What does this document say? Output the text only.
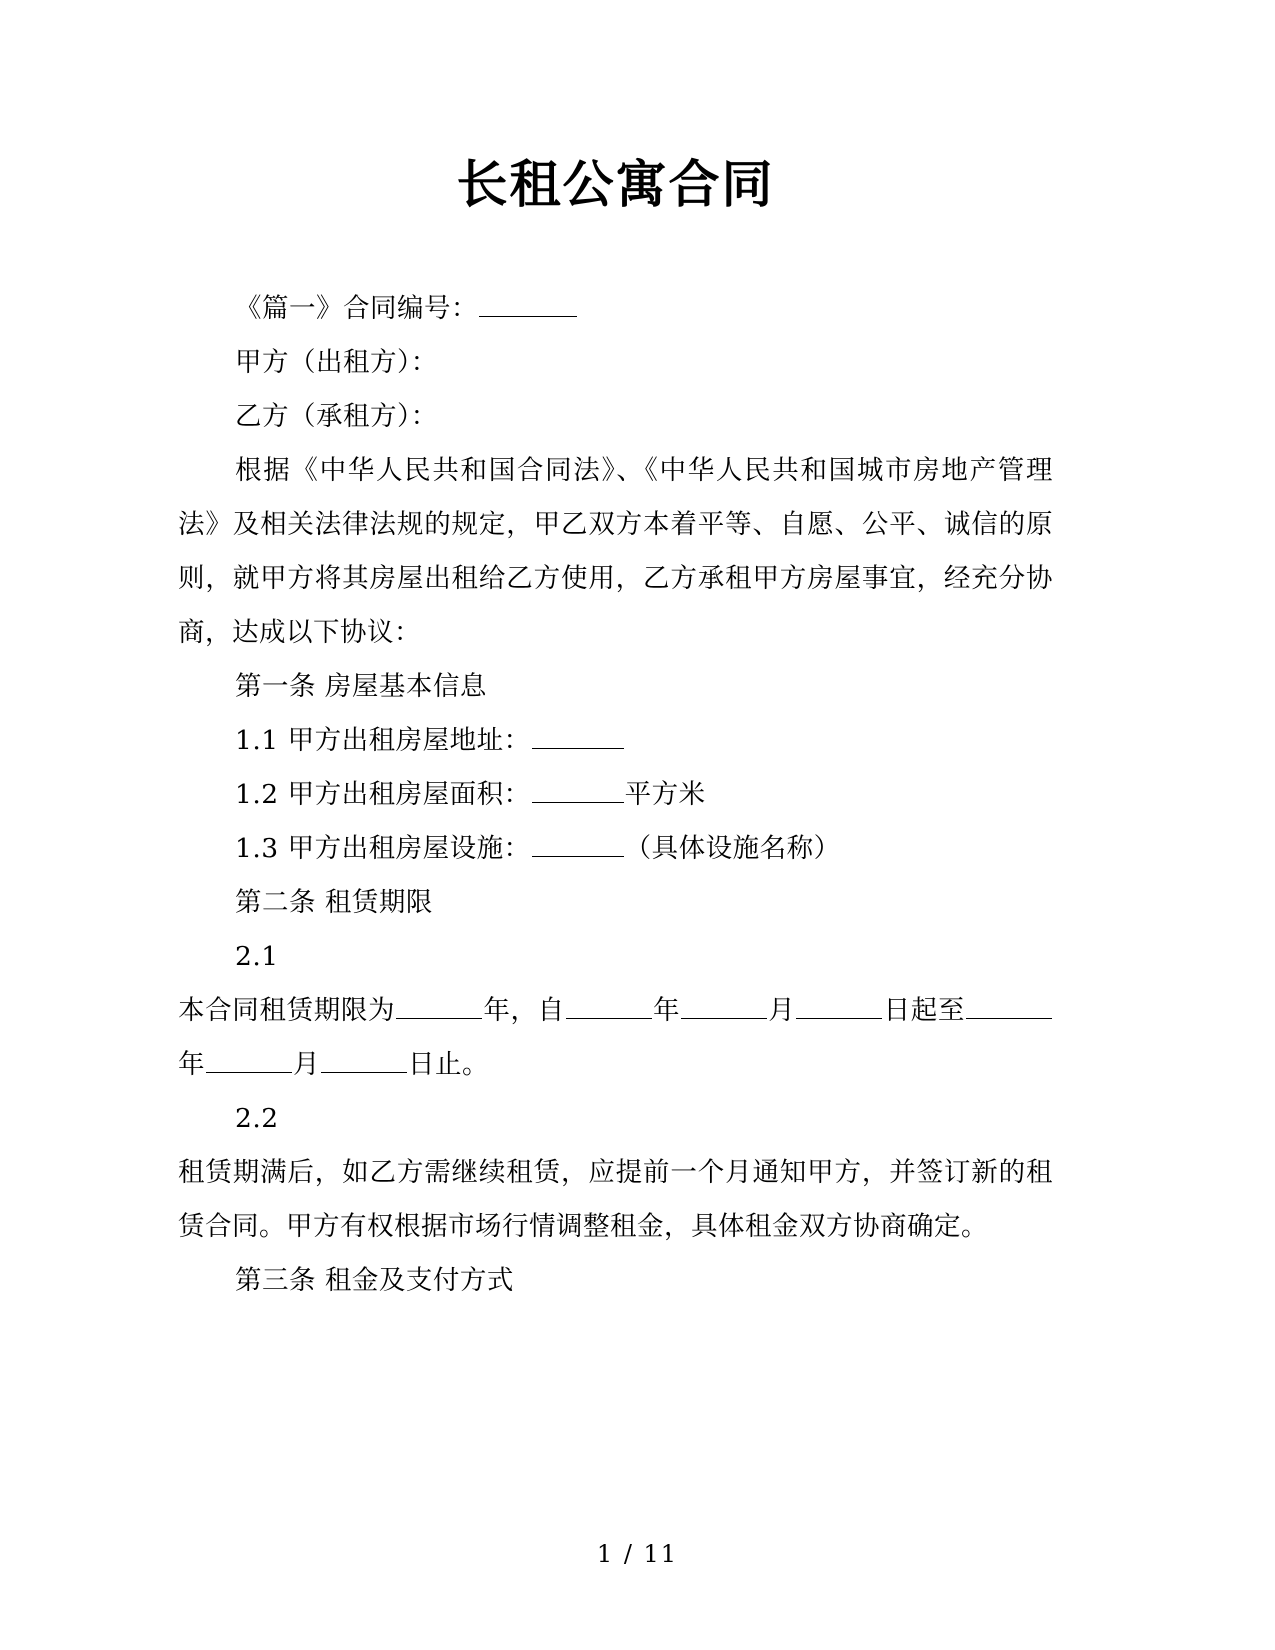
长租公寓合同

《篇一》合同编号：

甲方（出租方）：

乙方（承租方）：

根据《中华人民共和国合同法》、《中华人民共和国城市房地产管理法》及相关法律法规的规定，甲乙双方本着平等、自愿、公平、诚信的原则，就甲方将其房屋出租给乙方使用，乙方承租甲方房屋事宜，经充分协商，达成以下协议：

第一条 房屋基本信息

1.1 甲方出租房屋地址：

1.2 甲方出租房屋面积：	平方米

1.3 甲方出租房屋设施：	（具体设施名称）

第二条 租赁期限

2.1

本合同租赁期限为	年，自	年	月	日起至年	月	日止。

2.2

租赁期满后，如乙方需继续租赁，应提前一个月通知甲方，并签订新的租赁合同。甲方有权根据市场行情调整租金，具体租金双方协商确定。

第三条 租金及支付方式

1 / 11
